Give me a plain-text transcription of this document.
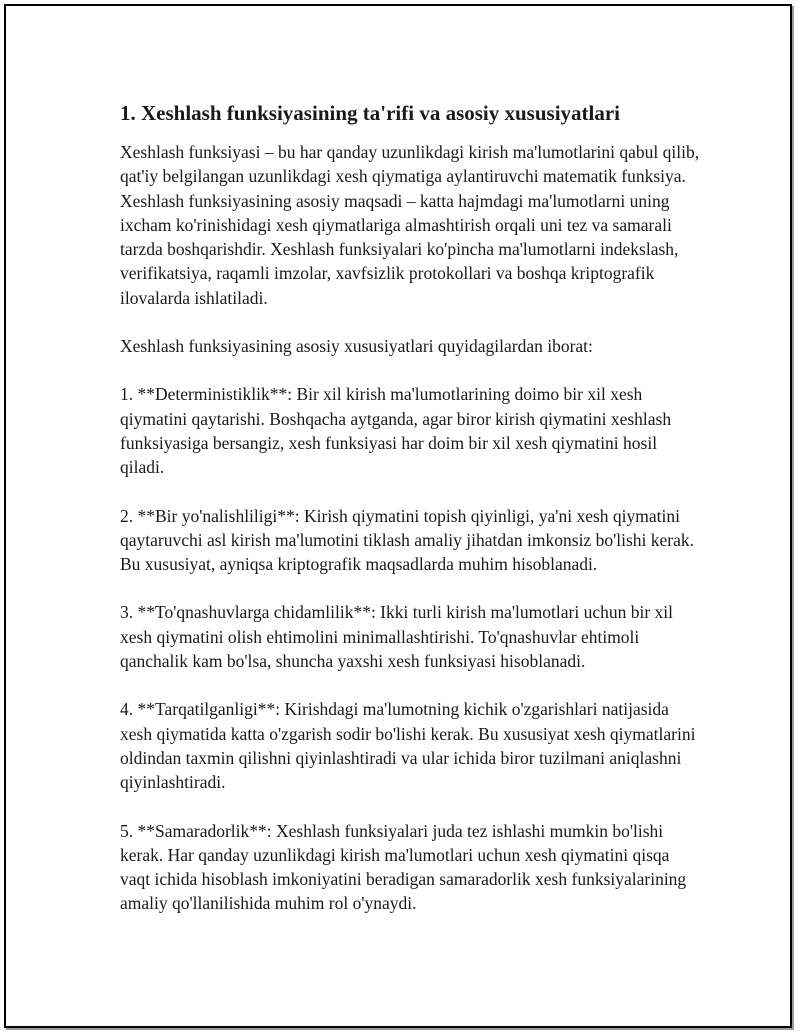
1. Xeshlash funksiyasining ta'rifi va asosiy xususiyatlari

Xeshlash funksiyasi – bu har qanday uzunlikdagi kirish ma'lumotlarini qabul qilib, qat'iy belgilangan uzunlikdagi xesh qiymatiga aylantiruvchi matematik funksiya. Xeshlash funksiyasining asosiy maqsadi – katta hajmdagi ma'lumotlarni uning ixcham ko'rinishidagi xesh qiymatlariga almashtirish orqali uni tez va samarali tarzda boshqarishdir. Xeshlash funksiyalari ko'pincha ma'lumotlarni indekslash, verifikatsiya, raqamli imzolar, xavfsizlik protokollari va boshqa kriptografik ilovalarda ishlatiladi.

Xeshlash funksiyasining asosiy xususiyatlari quyidagilardan iborat:

1. **Deterministiklik**: Bir xil kirish ma'lumotlarining doimo bir xil xesh qiymatini qaytarishi. Boshqacha aytganda, agar biror kirish qiymatini xeshlash funksiyasiga bersangiz, xesh funksiyasi har doim bir xil xesh qiymatini hosil qiladi.

2. **Bir yo'nalishliligi**: Kirish qiymatini topish qiyinligi, ya'ni xesh qiymatini qaytaruvchi asl kirish ma'lumotini tiklash amaliy jihatdan imkonsiz bo'lishi kerak. Bu xususiyat, ayniqsa kriptografik maqsadlarda muhim hisoblanadi.

3. **To'qnashuvlarga chidamlilik**: Ikki turli kirish ma'lumotlari uchun bir xil xesh qiymatini olish ehtimolini minimallashtirishi. To'qnashuvlar ehtimoli qanchalik kam bo'lsa, shuncha yaxshi xesh funksiyasi hisoblanadi.

4. **Tarqatilganligi**: Kirishdagi ma'lumotning kichik o'zgarishlari natijasida xesh qiymatida katta o'zgarish sodir bo'lishi kerak. Bu xususiyat xesh qiymatlarini oldindan taxmin qilishni qiyinlashtiradi va ular ichida biror tuzilmani aniqlashni qiyinlashtiradi.

5. **Samaradorlik**: Xeshlash funksiyalari juda tez ishlashi mumkin bo'lishi kerak. Har qanday uzunlikdagi kirish ma'lumotlari uchun xesh qiymatini qisqa vaqt ichida hisoblash imkoniyatini beradigan samaradorlik xesh funksiyalarining amaliy qo'llanilishida muhim rol o'ynaydi.
